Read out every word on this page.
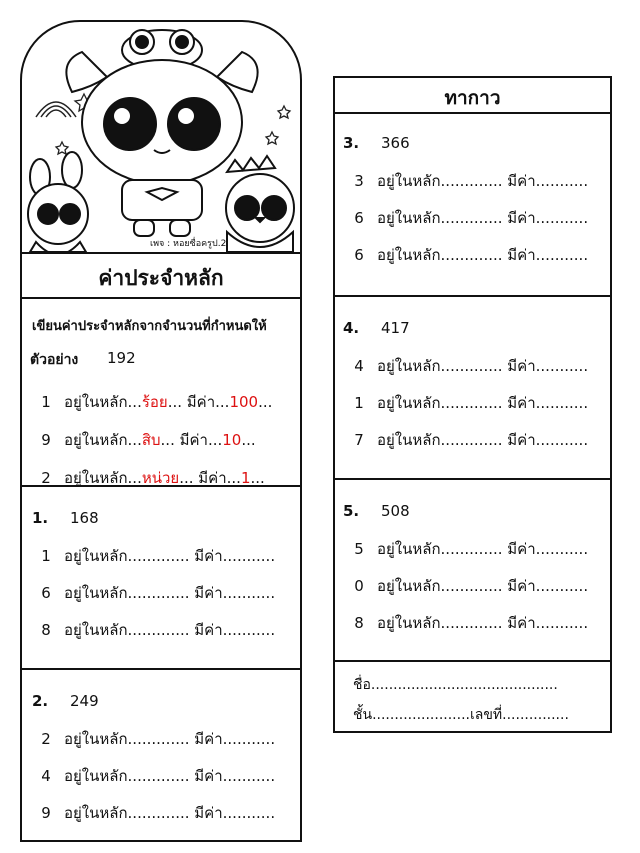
เพจ : หอยซื่อครูป.2
ค่าประจำหลัก
เขียนค่าประจำหลักจากจำนวนที่กำหนดให้
ตัวอย่าง 192
1 อยู่ในหลัก...ร้อย... มีค่า...100...
9 อยู่ในหลัก...สิบ... มีค่า...10...
2 อยู่ในหลัก...หน่วย... มีค่า...1...
1. 168
1 อยู่ในหลัก............. มีค่า...........
6 อยู่ในหลัก............. มีค่า...........
8 อยู่ในหลัก............. มีค่า...........
2. 249
2 อยู่ในหลัก............. มีค่า...........
4 อยู่ในหลัก............. มีค่า...........
9 อยู่ในหลัก............. มีค่า...........
ทากาว
3. 366
3 อยู่ในหลัก............. มีค่า...........
6 อยู่ในหลัก............. มีค่า...........
6 อยู่ในหลัก............. มีค่า...........
4. 417
4 อยู่ในหลัก............. มีค่า...........
1 อยู่ในหลัก............. มีค่า...........
7 อยู่ในหลัก............. มีค่า...........
5. 508
5 อยู่ในหลัก............. มีค่า...........
0 อยู่ในหลัก............. มีค่า...........
8 อยู่ในหลัก............. มีค่า...........
ชื่อ..........................................
ชั้น......................เลขที่...............
